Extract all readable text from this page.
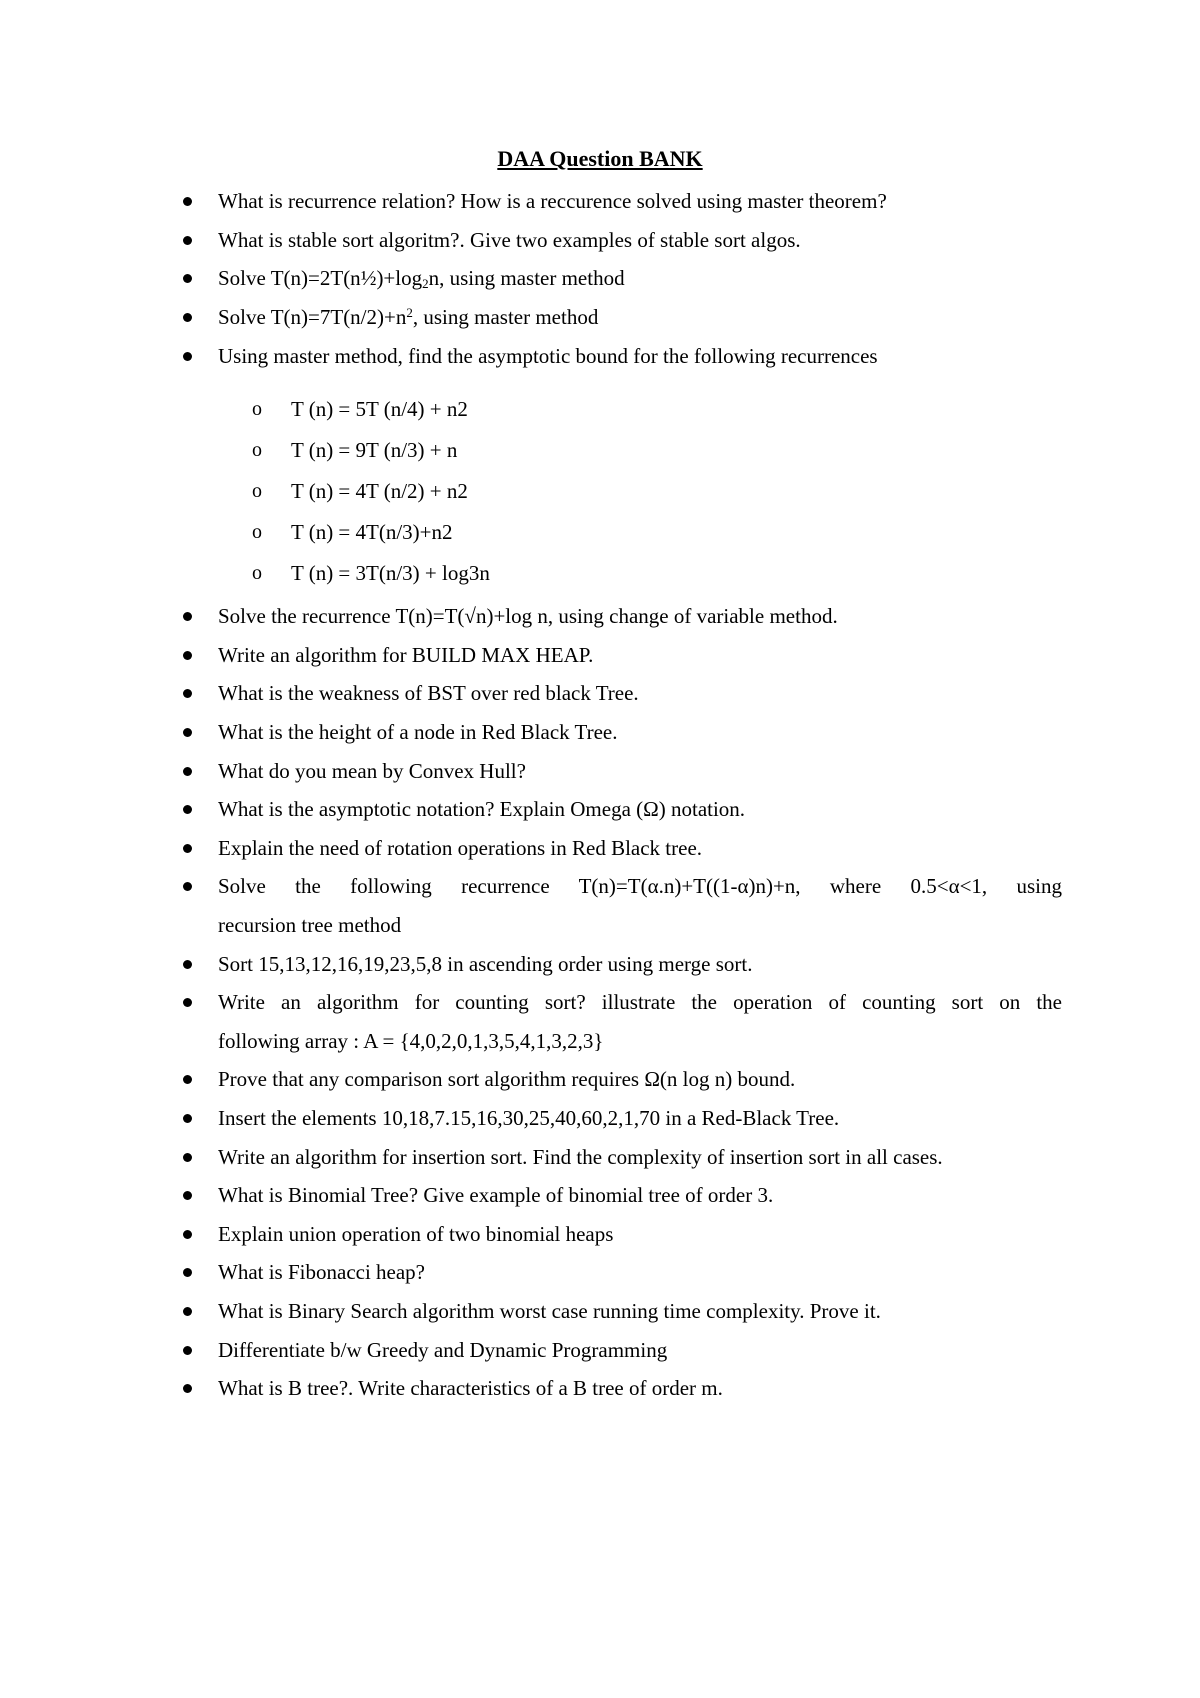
DAA Question BANK
What is recurrence relation? How is a reccurence solved using master theorem?
What is stable sort algoritm?. Give two examples of stable sort algos.
Solve $T(n)=2T(n\frac{1}{2})+\log_2n$, using master method
Solve $T(n)=7T(n/2)+n^2$, using master method
Using master method, find the asymptotic bound for the following recurrences
o	T (n) = 5T (n/4) + n2
o	T (n) = 9T (n/3) + n
o	T (n) = 4T (n/2) + n2
o	T (n) = 4T(n/3)+n2
o	T (n) = 3T(n/3) + log3n
Solve the recurrence T(n)=T(√n)+log n, using change of variable method.
Write an algorithm for BUILD MAX HEAP.
What is the weakness of BST over red black Tree.
What is the height of a node in Red Black Tree.
What do you mean by Convex Hull?
What is the asymptotic notation? Explain Omega (Ω) notation.
Explain the need of rotation operations in Red Black tree.
Solve the following recurrence T(n)=T(α.n)+T((1-α)n)+n, where 0.5<α<1, using
recursion tree method
Sort 15,13,12,16,19,23,5,8 in ascending order using merge sort.
Write an algorithm for counting sort? illustrate the operation of counting sort on the
following array : A = {4,0,2,0,1,3,5,4,1,3,2,3}
Prove that any comparison sort algorithm requires Ω(n log n) bound.
Insert the elements 10,18,7.15,16,30,25,40,60,2,1,70 in a Red-Black Tree.
Write an algorithm for insertion sort. Find the complexity of insertion sort in all cases.
What is Binomial Tree? Give example of binomial tree of order 3.
Explain union operation of two binomial heaps
What is Fibonacci heap?
What is Binary Search algorithm worst case running time complexity. Prove it.
Differentiate b/w Greedy and Dynamic Programming
What is B tree?. Write characteristics of a B tree of order m.
